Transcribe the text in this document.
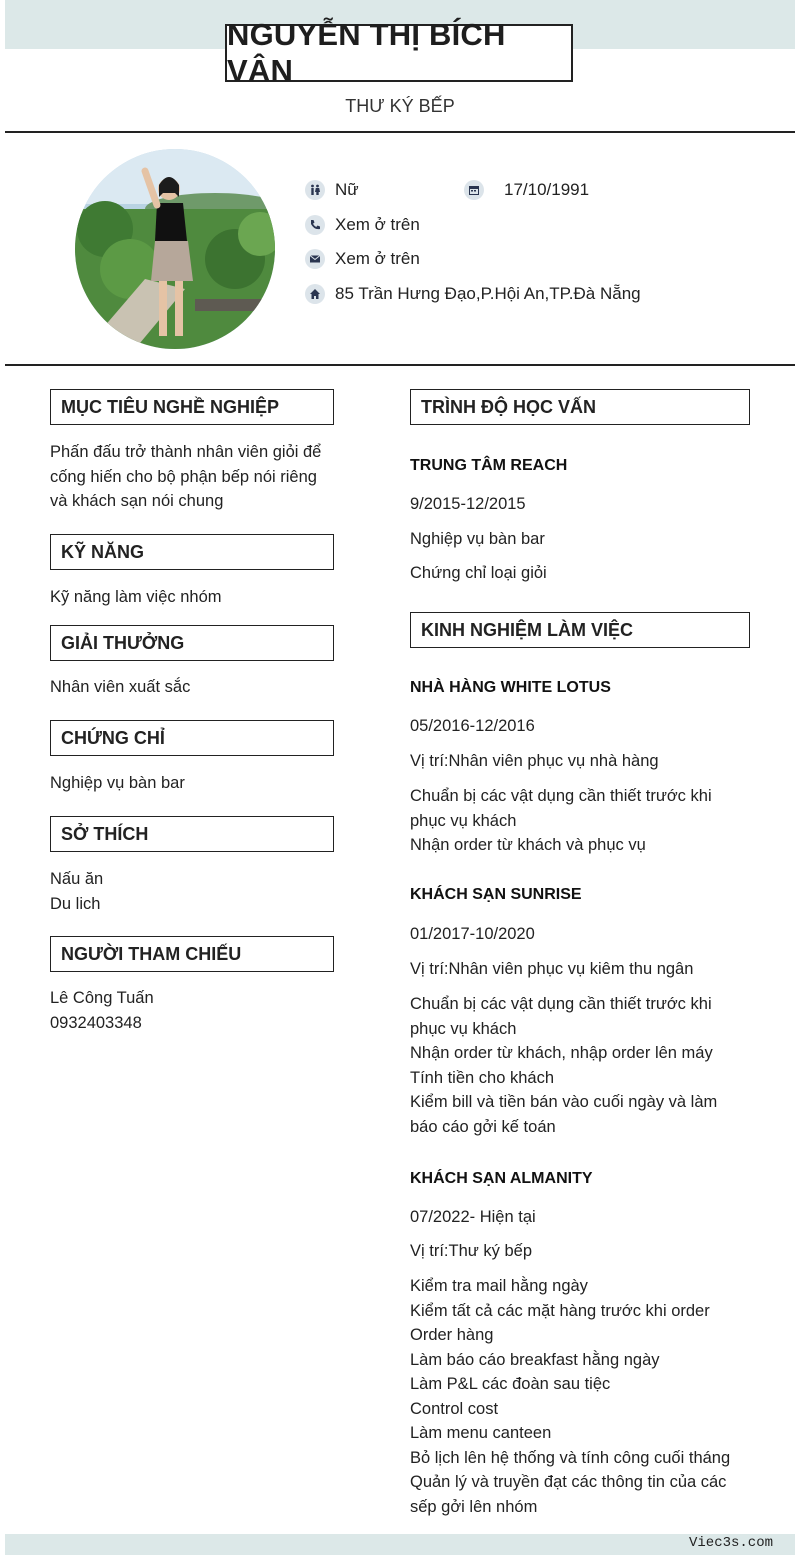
NGUYỄN THỊ BÍCH VÂN
THƯ KÝ BẾP
Nữ	17/10/1991
Xem ở trên
Xem ở trên
85 Trần Hưng Đạo,P.Hội An,TP.Đà Nẵng
MỤC TIÊU NGHỀ NGHIỆP
Phấn đấu trở thành nhân viên giỏi để
cống hiến cho bộ phận bếp nói riêng
và khách sạn nói chung
KỸ NĂNG
Kỹ năng làm việc nhóm
GIẢI THƯỞNG
Nhân viên xuất sắc
CHỨNG CHỈ
Nghiệp vụ bàn bar
SỞ THÍCH
Nấu ăn
Du lich
NGƯỜI THAM CHIẾU
Lê Công Tuấn
0932403348
TRÌNH ĐỘ HỌC VẤN
TRUNG TÂM REACH
9/2015-12/2015
Nghiệp vụ bàn bar
Chứng chỉ loại giỏi
KINH NGHIỆM LÀM VIỆC
NHÀ HÀNG WHITE LOTUS
05/2016-12/2016
Vị trí:Nhân viên phục vụ nhà hàng
Chuẩn bị các vật dụng cần thiết trước khi
phục vụ khách
Nhận order từ khách và phục vụ
KHÁCH SẠN SUNRISE
01/2017-10/2020
Vị trí:Nhân viên phục vụ kiêm thu ngân
Chuẩn bị các vật dụng cần thiết trước khi
phục vụ khách
Nhận order từ khách, nhập order lên máy
Tính tiền cho khách
Kiểm bill và tiền bán vào cuối ngày và làm
báo cáo gởi kế toán
KHÁCH SẠN ALMANITY
07/2022- Hiện tại
Vị trí:Thư ký bếp
Kiểm tra mail hằng ngày
Kiểm tất cả các mặt hàng trước khi order
Order hàng
Làm báo cáo breakfast hằng ngày
Làm P&L các đoàn sau tiệc
Control cost
Làm menu canteen
Bỏ lịch lên hệ thống và tính công cuối tháng
Quản lý và truyền đạt các thông tin của các
sếp gởi lên nhóm
Viec3s.com
